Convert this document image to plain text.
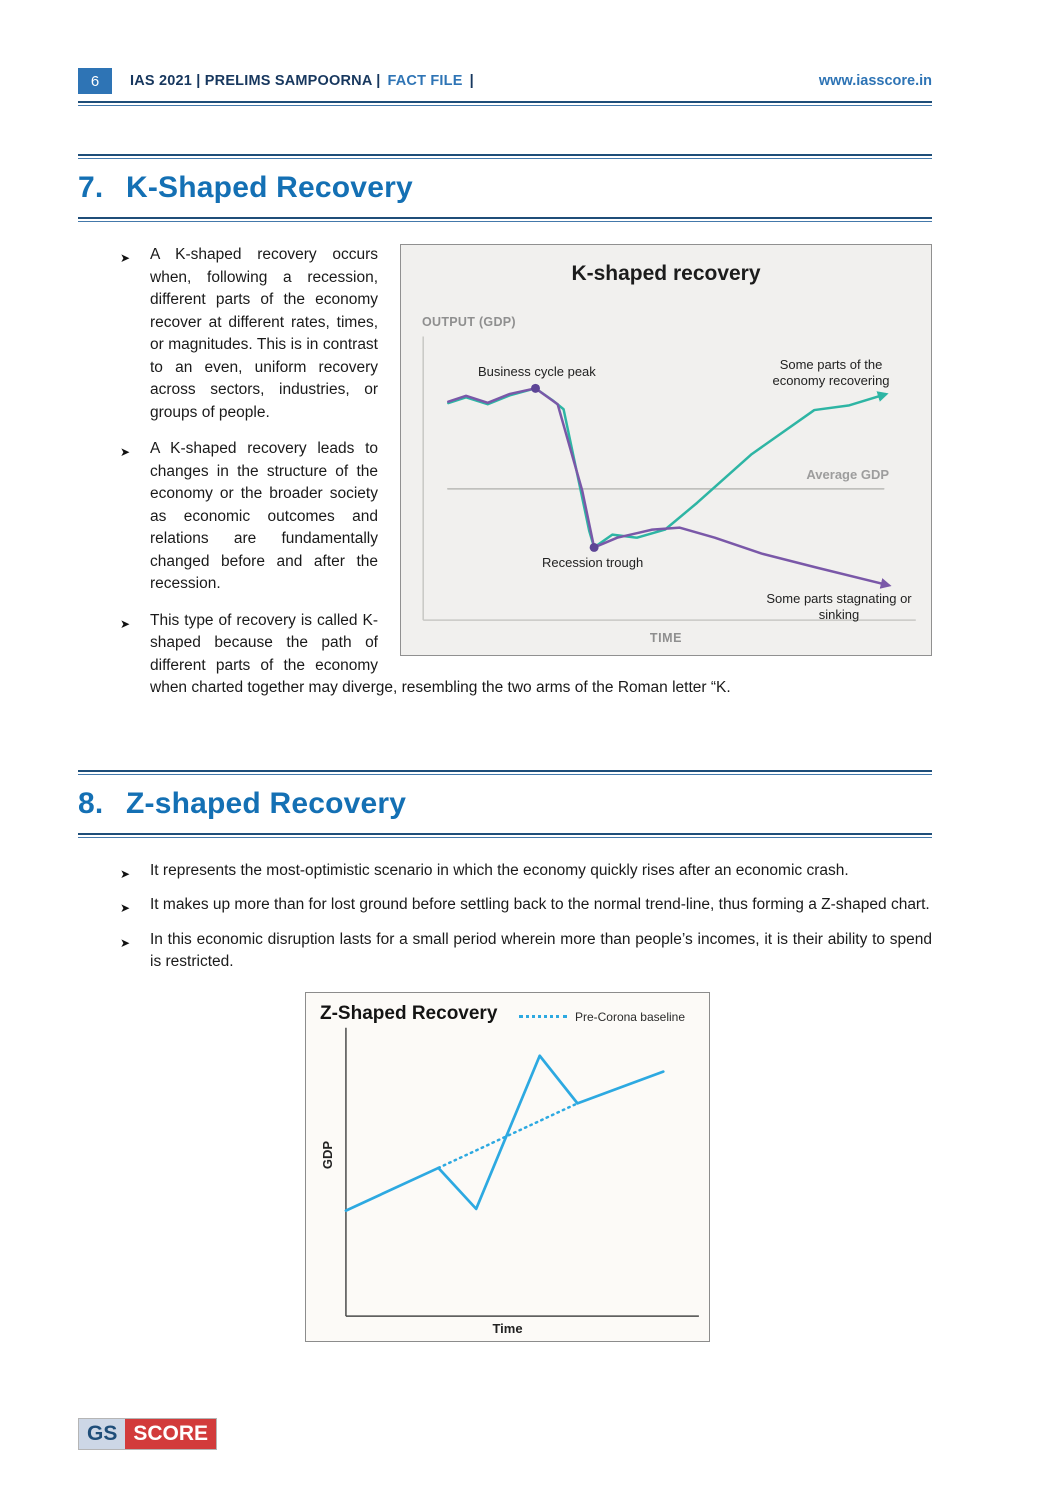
6	IAS 2021 | PRELIMS SAMPOORNA | FACT FILE |	www.iasscore.in
7. K-Shaped Recovery
K-shaped recovery
OUTPUT (GDP)
Business cycle peak	Some parts of the economy recovering
Average GDP
Recession trough
Some parts stagnating or sinking
TIME
➤ A K-shaped recovery occurs when, following a recession, different parts of the economy recover at different rates, times, or magnitudes. This is in contrast to an even, uniform recovery across sectors, industries, or groups of people.
➤ A K-shaped recovery leads to changes in the structure of the economy or the broader society as economic outcomes and relations are fundamentally changed before and after the recession.
➤ This type of recovery is called K-shaped because the path of different parts of the economy when charted together may diverge, resembling the two arms of the Roman letter “K.
8. Z-shaped Recovery
➤ It represents the most-optimistic scenario in which the economy quickly rises after an economic crash.
➤ It makes up more than for lost ground before settling back to the normal trend-line, thus forming a Z-shaped chart.
➤ In this economic disruption lasts for a small period wherein more than people’s incomes, it is their ability to spend is restricted.
Z-Shaped Recovery	Pre-Corona baseline
GDP
Time
GS SCORE
